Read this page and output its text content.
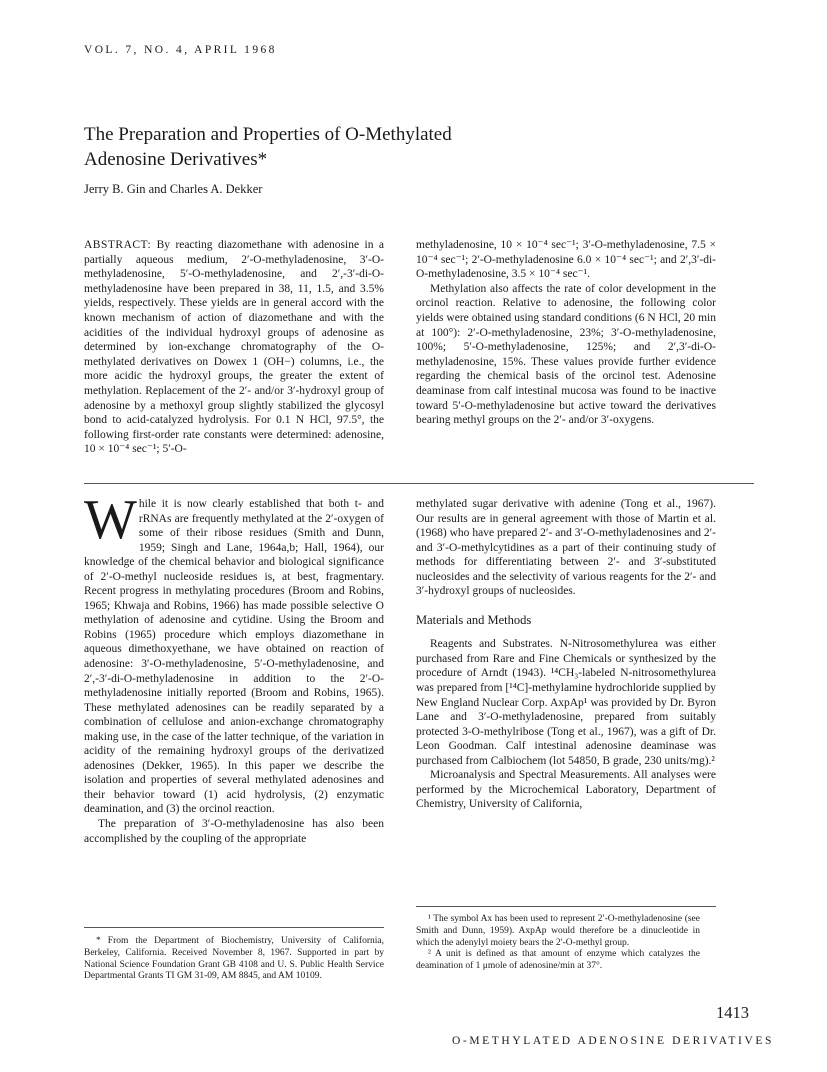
VOL. 7, NO. 4, APRIL 1968
The Preparation and Properties of O-Methylated
Adenosine Derivatives*
Jerry B. Gin and Charles A. Dekker

ABSTRACT: By reacting diazomethane with adenosine in a partially aqueous medium, 2′-O-methyladenosine, 3′-O-methyladenosine, 5′-O-methyladenosine, and 2′,-3′-di-O-methyladenosine have been prepared in 38, 11, 1.5, and 3.5% yields, respectively. These yields are in general accord with the known mechanism of action of diazomethane and with the acidities of the individual hydroxyl groups of adenosine as determined by ion-exchange chromatography of the O-methylated derivatives on Dowex 1 (OH−) columns, i.e., the more acidic the hydroxyl groups, the greater the extent of methylation. Replacement of the 2′- and/or 3′-hydroxyl group of adenosine by a methoxyl group slightly stabilized the glycosyl bond to acid-catalyzed hydrolysis. For 0.1 N HCl, 97.5°, the following first-order rate constants were determined: adenosine, 10 × 10⁻⁴ sec⁻¹; 5′-O-

methyladenosine, 10 × 10⁻⁴ sec⁻¹; 3′-O-methyladenosine, 7.5 × 10⁻⁴ sec⁻¹; 2′-O-methyladenosine 6.0 × 10⁻⁴ sec⁻¹; and 2′,3′-di-O-methyladenosine, 3.5 × 10⁻⁴ sec⁻¹.

Methylation also affects the rate of color development in the orcinol reaction. Relative to adenosine, the following color yields were obtained using standard conditions (6 N HCl, 20 min at 100°): 2′-O-methyladenosine, 23%; 3′-O-methyladenosine, 100%; 5′-O-methyladenosine, 125%; and 2′,3′-di-O-methyladenosine, 15%. These values provide further evidence regarding the chemical basis of the orcinol test. Adenosine deaminase from calf intestinal mucosa was found to be inactive toward 5′-O-methyladenosine but active toward the derivatives bearing methyl groups on the 2′- and/or 3′-oxygens.

While it is now clearly established that both t- and rRNAs are frequently methylated at the 2′-oxygen of some of their ribose residues (Smith and Dunn, 1959; Singh and Lane, 1964a,b; Hall, 1964), our knowledge of the chemical behavior and biological significance of 2′-O-methyl nucleoside residues is, at best, fragmentary. Recent progress in methylating procedures (Broom and Robins, 1965; Khwaja and Robins, 1966) has made possible selective O methylation of adenosine and cytidine. Using the Broom and Robins (1965) procedure which employs diazomethane in aqueous dimethoxyethane, we have obtained on reaction of adenosine: 3′-O-methyladenosine, 5′-O-methyladenosine, and 2′,-3′-di-O-methyladenosine in addition to the 2′-O-methyladenosine initially reported (Broom and Robins, 1965). These methylated adenosines can be readily separated by a combination of cellulose and anion-exchange chromatography making use, in the case of the latter technique, of the variation in acidity of the remaining hydroxyl groups of the derivatized adenosines (Dekker, 1965). In this paper we describe the isolation and properties of several methylated adenosines and their behavior toward (1) acid hydrolysis, (2) enzymatic deamination, and (3) the orcinol reaction.

The preparation of 3′-O-methyladenosine has also been accomplished by the coupling of the appropriate

methylated sugar derivative with adenine (Tong et al., 1967). Our results are in general agreement with those of Martin et al. (1968) who have prepared 2′- and 3′-O-methyladenosines and 2′- and 3′-O-methylcytidines as a part of their continuing study of methods for differentiating between 2′- and 3′-substituted nucleosides and the selectivity of various reagents for the 2′- and 3′-hydroxyl groups of nucleosides.

Materials and Methods

Reagents and Substrates. N-Nitrosomethylurea was either purchased from Rare and Fine Chemicals or synthesized by the procedure of Arndt (1943). ¹⁴CH₃-labeled N-nitrosomethylurea was prepared from [¹⁴C]-methylamine hydrochloride supplied by New England Nuclear Corp. AxpAp¹ was provided by Dr. Byron Lane and 3′-O-methyladenosine, prepared from suitably protected 3-O-methylribose (Tong et al., 1967), was a gift of Dr. Leon Goodman. Calf intestinal adenosine deaminase was purchased from Calbiochem (lot 54850, B grade, 230 units/mg).²

Microanalysis and Spectral Measurements. All analyses were performed by the Microchemical Laboratory, Department of Chemistry, University of California,

* From the Department of Biochemistry, University of California, Berkeley, California. Received November 8, 1967. Supported in part by National Science Foundation Grant GB 4108 and U. S. Public Health Service Departmental Grants TI GM 31-09, AM 8845, and AM 10109.

¹ The symbol Ax has been used to represent 2′-O-methyladenosine (see Smith and Dunn, 1959). AxpAp would therefore be a dinucleotide in which the adenylyl moiety bears the 2′-O-methyl group.

² A unit is defined as that amount of enzyme which catalyzes the deamination of 1 μmole of adenosine/min at 37°.

1413
O-METHYLATED ADENOSINE DERIVATIVES
